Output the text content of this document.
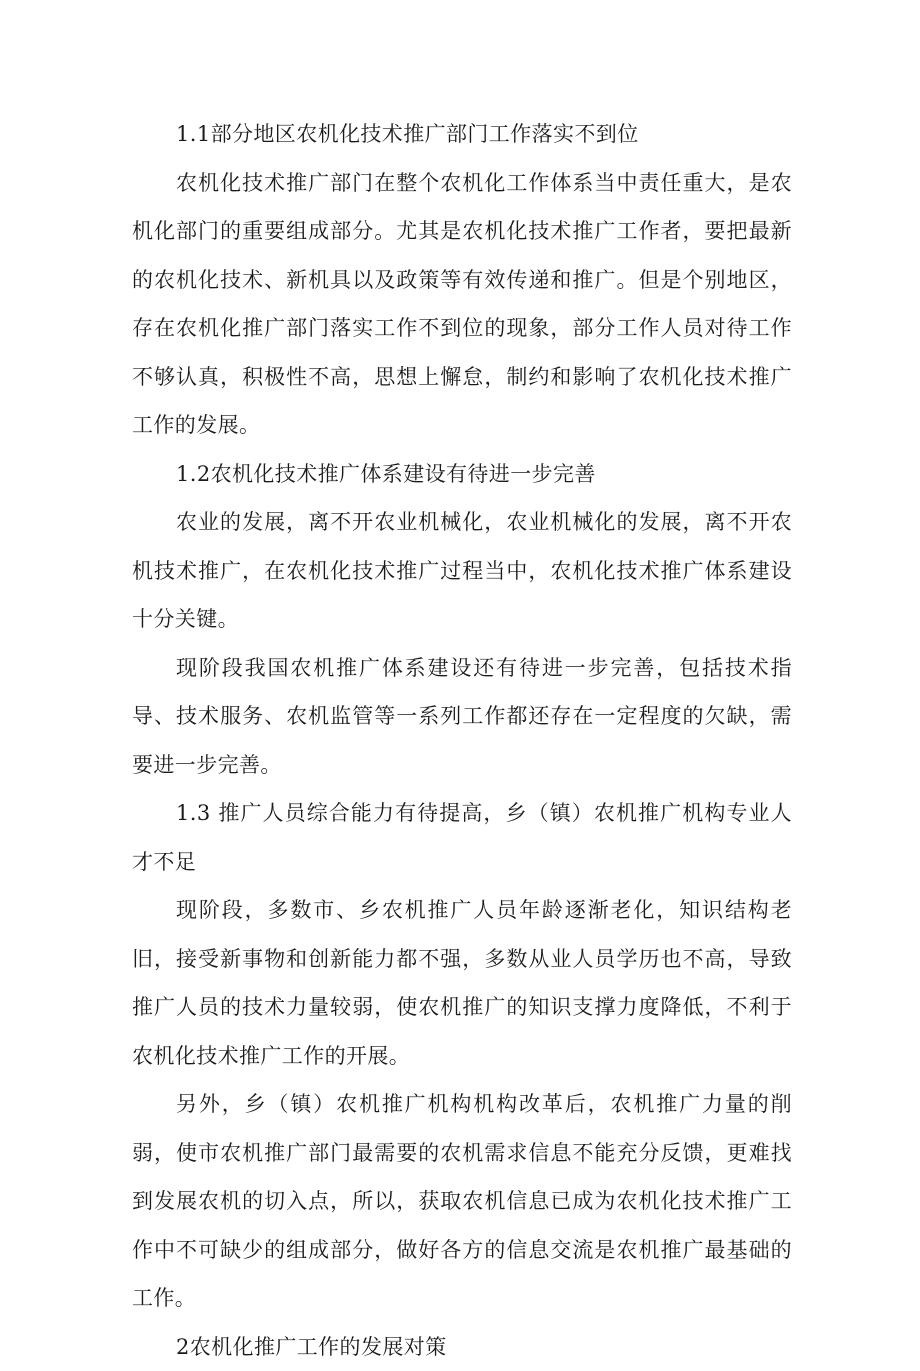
1.1部分地区农机化技术推广部门工作落实不到位

农机化技术推广部门在整个农机化工作体系当中责任重大，是农机化部门的重要组成部分。尤其是农机化技术推广工作者，要把最新的农机化技术、新机具以及政策等有效传递和推广。但是个别地区，存在农机化推广部门落实工作不到位的现象，部分工作人员对待工作不够认真，积极性不高，思想上懈怠，制约和影响了农机化技术推广工作的发展。

1.2农机化技术推广体系建设有待进一步完善

农业的发展，离不开农业机械化，农业机械化的发展，离不开农机技术推广，在农机化技术推广过程当中，农机化技术推广体系建设十分关键。

现阶段我国农机推广体系建设还有待进一步完善，包括技术指导、技术服务、农机监管等一系列工作都还存在一定程度的欠缺，需要进一步完善。

1.3 推广人员综合能力有待提高，乡（镇）农机推广机构专业人才不足

现阶段，多数市、乡农机推广人员年龄逐渐老化，知识结构老旧，接受新事物和创新能力都不强，多数从业人员学历也不高，导致推广人员的技术力量较弱，使农机推广的知识支撑力度降低，不利于农机化技术推广工作的开展。

另外，乡（镇）农机推广机构机构改革后，农机推广力量的削弱，使市农机推广部门最需要的农机需求信息不能充分反馈，更难找到发展农机的切入点，所以，获取农机信息已成为农机化技术推广工作中不可缺少的组成部分，做好各方的信息交流是农机推广最基础的工作。

2农机化推广工作的发展对策
